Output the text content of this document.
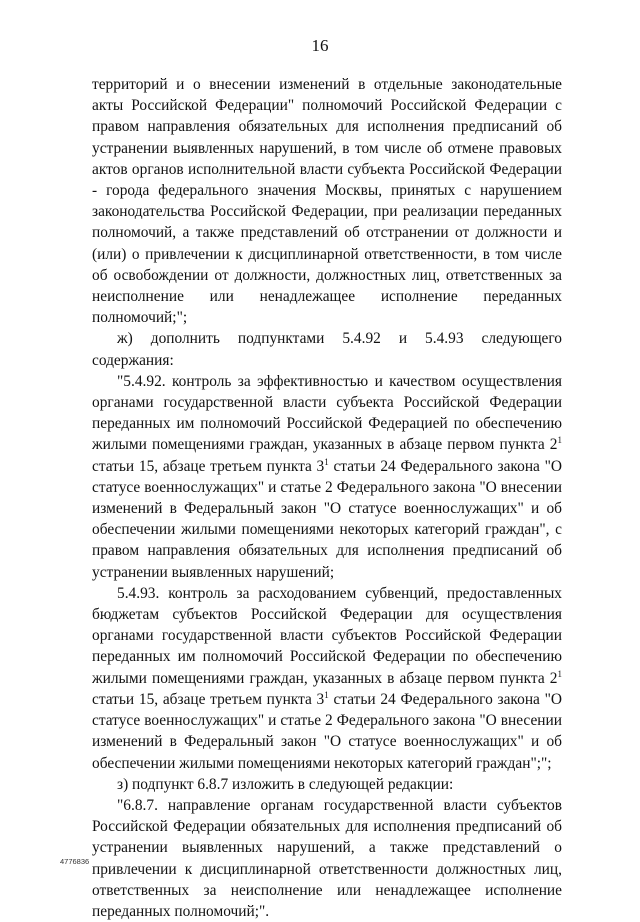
16

территорий и о внесении изменений в отдельные законодательные акты Российской Федерации" полномочий Российской Федерации с правом направления обязательных для исполнения предписаний об устранении выявленных нарушений, в том числе об отмене правовых актов органов исполнительной власти субъекта Российской Федерации - города федерального значения Москвы, принятых с нарушением законодательства Российской Федерации, при реализации переданных полномочий, а также представлений об отстранении от должности и (или) о привлечении к дисциплинарной ответственности, в том числе об освобождении от должности, должностных лиц, ответственных за неисполнение или ненадлежащее исполнение переданных полномочий;";

ж) дополнить подпунктами 5.4.92 и 5.4.93 следующего содержания:

"5.4.92. контроль за эффективностью и качеством осуществления органами государственной власти субъекта Российской Федерации переданных им полномочий Российской Федерацией по обеспечению жилыми помещениями граждан, указанных в абзаце первом пункта $2^1$ статьи 15, абзаце третьем пункта $3^1$ статьи 24 Федерального закона "О статусе военнослужащих" и статье 2 Федерального закона "О внесении изменений в Федеральный закон "О статусе военнослужащих" и об обеспечении жилыми помещениями некоторых категорий граждан", с правом направления обязательных для исполнения предписаний об устранении выявленных нарушений;

5.4.93. контроль за расходованием субвенций, предоставленных бюджетам субъектов Российской Федерации для осуществления органами государственной власти субъектов Российской Федерации переданных им полномочий Российской Федерации по обеспечению жилыми помещениями граждан, указанных в абзаце первом пункта $2^1$ статьи 15, абзаце третьем пункта $3^1$ статьи 24 Федерального закона "О статусе военнослужащих" и статье 2 Федерального закона "О внесении изменений в Федеральный закон "О статусе военнослужащих" и об обеспечении жилыми помещениями некоторых категорий граждан";";

з) подпункт 6.8.7 изложить в следующей редакции:

"6.8.7. направление органам государственной власти субъектов Российской Федерации обязательных для исполнения предписаний об устранении выявленных нарушений, а также представлений о привлечении к дисциплинарной ответственности должностных лиц, ответственных за неисполнение или ненадлежащее исполнение переданных полномочий;".

4776836
